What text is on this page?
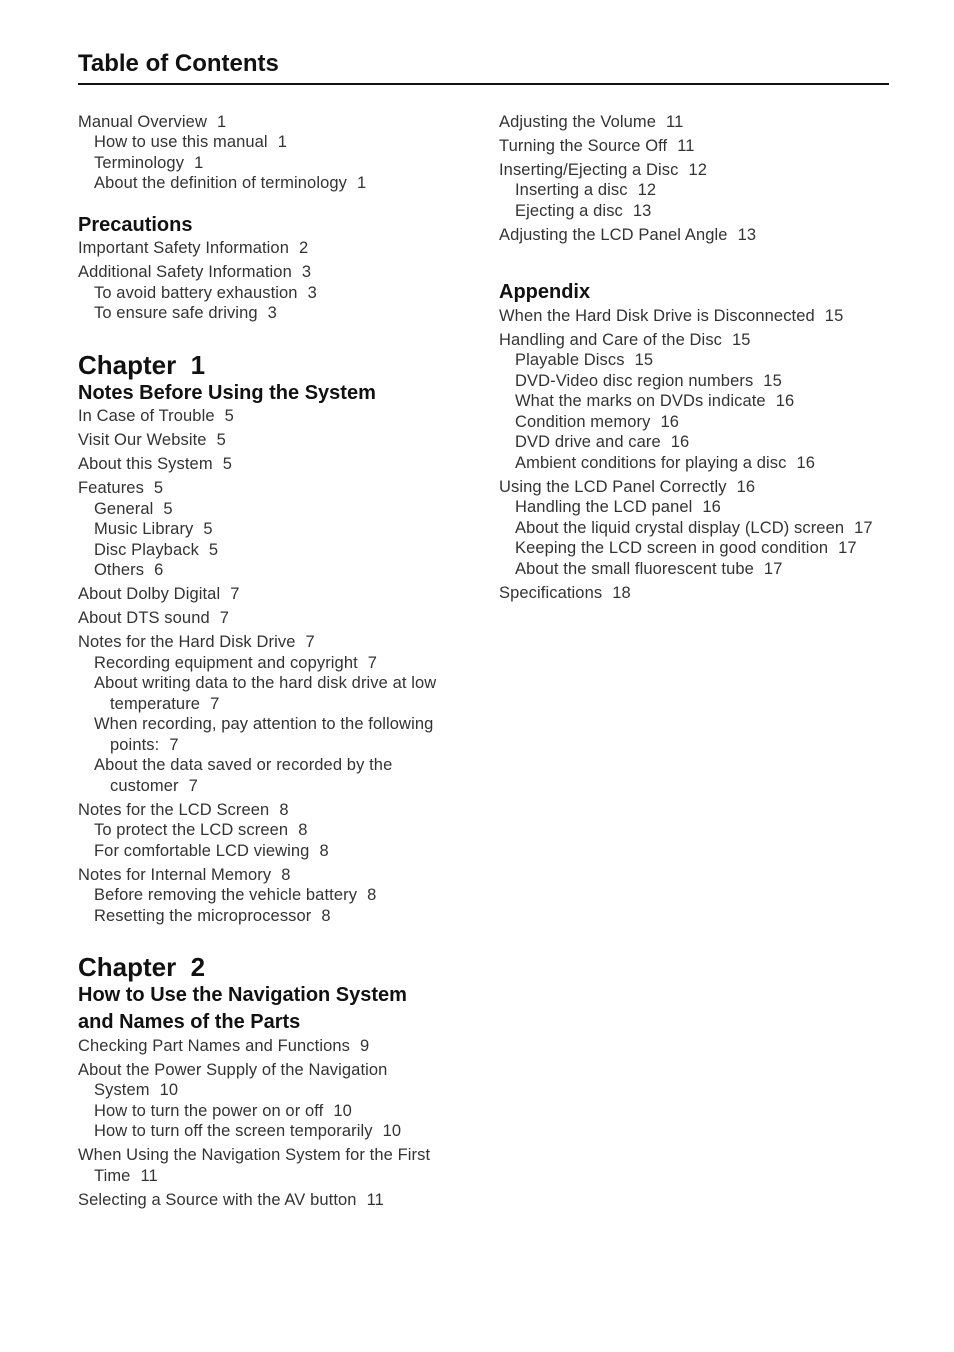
Table of Contents
Manual Overview 1
How to use this manual 1
Terminology 1
About the definition of terminology 1
Precautions
Important Safety Information 2
Additional Safety Information 3
To avoid battery exhaustion 3
To ensure safe driving 3
Chapter  1
Notes Before Using the System
In Case of Trouble 5
Visit Our Website 5
About this System 5
Features 5
General 5
Music Library 5
Disc Playback 5
Others 6
About Dolby Digital 7
About DTS sound 7
Notes for the Hard Disk Drive 7
Recording equipment and copyright 7
About writing data to the hard disk drive at low
temperature 7
When recording, pay attention to the following
points: 7
About the data saved or recorded by the
customer 7
Notes for the LCD Screen 8
To protect the LCD screen 8
For comfortable LCD viewing 8
Notes for Internal Memory 8
Before removing the vehicle battery 8
Resetting the microprocessor 8
Chapter  2
How to Use the Navigation System
and Names of the Parts
Checking Part Names and Functions 9
About the Power Supply of the Navigation
System 10
How to turn the power on or off 10
How to turn off the screen temporarily 10
When Using the Navigation System for the First
Time 11
Selecting a Source with the AV button 11
Adjusting the Volume 11
Turning the Source Off 11
Inserting/Ejecting a Disc 12
Inserting a disc 12
Ejecting a disc 13
Adjusting the LCD Panel Angle 13
Appendix
When the Hard Disk Drive is Disconnected 15
Handling and Care of the Disc 15
Playable Discs 15
DVD-Video disc region numbers 15
What the marks on DVDs indicate 16
Condition memory 16
DVD drive and care 16
Ambient conditions for playing a disc 16
Using the LCD Panel Correctly 16
Handling the LCD panel 16
About the liquid crystal display (LCD) screen 17
Keeping the LCD screen in good condition 17
About the small fluorescent tube 17
Specifications 18
